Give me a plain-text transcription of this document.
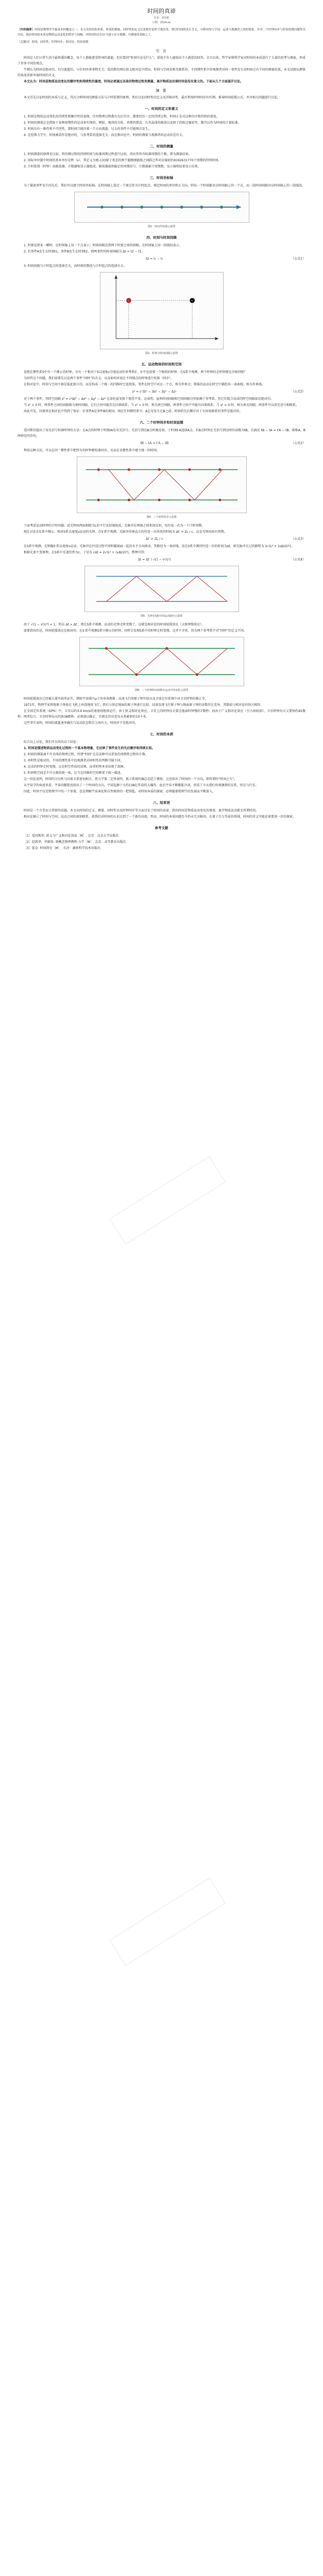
时间的真谛
作者：刘昊阳
日期：2024-xx
［内容摘要］时间是物理学中最基本的概念之一。本文从时间的本质、时间的测量、同时性的定义以及相对论时空观出发，探讨时间的真正含义，分析时间与空间、运动与观测者之间的联系，并对二个时钟同步与时间延缓问题作出讨论，指出时间的本质是物质运动变化的秩序与间隔，对时间的认识应当建立在可观测、可测量的基础之上。
［关键词］时间；同时性；时钟同步；相对论；时间延缓
引 言

时间是人们日常生活中最熟悉的概念，每个人都能感受时间的流逝，但若要问“时间究竟是什么”，却很少有人能给出令人满意的回答。自古以来，哲学家和科学家对时间的本质进行了大量的思考与探索，形成了许多不同的观点。

牛顿认为时间是绝对的、均匀流逝的，与任何外界事物无关；爱因斯坦则在狭义相对论中指出，时间与空间是相互联系的，不同惯性系中的观测者对同一事件发生的时间会有不同的测量结果。本文试图从测量的角度重新审视时间的含义。

本文认为：时间是物质运动变化的顺序性和持续性的量度，时间必须通过具体的物理过程来测量，离开物质运动谈时间是没有意义的。下面从几个方面展开讨论。

摘 要

本文首先讨论时间的本质与定义，其次分析时间的测量方法与计时装置的原理，然后讨论同时性的定义及其相对性，最后利用时钟同步的实例，推导时间延缓公式，并对相关问题进行讨论。

一、时间的定义和意义

1. 时间是物质运动变化的持续性和顺序性的表现。任何物理过程都有先后次序，都要经历一定的持续过程，时间正是对这种次序和持续的量度。

2. 时间的测量总是借助于某种周期性的运动来实现的。例如，地球的自转、单摆的摆动、石英晶体的振荡以及原子的跃迁辐射等，都可以作为时间的计量标准。

3. 时间具有一维性和不可逆性，即时间只能沿着一个方向流逝，过去的事件不可能再次发生。

4. 在经典力学中，时间被看作是绝对的，与参考系的选择无关；而在相对论中，时间的测量与观测者的运动状态有关。

二、时间的测量

1. 时间测量的原理是比较。将待测过程的持续时间与标准周期过程进行比较，得出其所含标准周期的个数，即为测量结果。

2. 国际单位制中时间的基本单位是秒（s），其定义为铯-133原子基态的两个超精细能级之间跃迁所对应辐射的9192631770个周期的持续时间。

3. 计时装置（时钟）由振荡器、计数器和显示器组成。振荡器提供稳定的周期信号，计数器累计周期数，显示器将结果显示出来。

三、时间坐标轴

为了描述事件发生的先后，我们可以建立时间坐标轴。在时间轴上选定一个原点作为计时起点，规定时间的单位和正方向，则每一个时刻都对应时间轴上的一个点，而一段时间间隔对应时间轴上的一段线段。

图1：时间坐标轴示意图
四、时刻与时间间隔

1. 时刻是指某一瞬时，在时间轴上用一个点表示；时间间隔是指两个时刻之间的间隔，在时间轴上用一段线段表示。

2. 若事件A发生在时刻t1，事件B发生在时刻t2，则两事件的时间间隔为 Δt = t2 − t1。

Δt = t₂ − t₁	（公式1）

3. 时间间隔与计时起点的选择无关，而时刻的数值与计时起点的选择有关。

图2：时刻与时间间隔示意图
五、运动物体的时间和空间

设想在惯性系S中有一个静止的时钟，另有一个相对于S以速度v匀速运动的参考系S′，S′中也放置一个相同的时钟。在S系中观测，两个时钟的走时快慢是否相同呢？

为回答这个问题，我们需要先讨论两个事件“同时”的含义，以及如何对放在不同地点的时钟进行校准（同步）。

在相对论中，时间与空间不再是彼此独立的，而是构成一个统一的四维时空连续体。事件在时空中对应一个点，称为世界点；物体的运动在时空中描绘出一条曲线，称为世界线。

s² = c²Δt² − Δx² − Δy² − Δz²	（公式5）

对于两个事件，其时空间隔 s² = c²Δt² − Δx² − Δy² − Δz² 在洛伦兹变换下保持不变。这表明，虽然时间间隔和空间间隔分别依赖于参考系，但它们组合而成的时空间隔却是绝对的。

当 s² > 0 时，两事件之间的间隔称为类时间隔，它们之间可能存在因果联系；当 s² < 0 时，称为类空间隔，两事件之间不可能有因果联系；当 s² = 0 时，称为类光间隔，两事件可以用光信号相联系。

由此可见，因果律在相对论中得到了保证：若事件A是事件B的原因，则在任何惯性系中，A总是发生在B之前。时间的先后顺序对于有因果联系的事件是绝对的。

六、二个时钟同步和时间延缓

爱因斯坦提出了用光信号校准时钟的方法：在A点的时钟于时刻tA发出光信号，光信号到达B点时被反射，于时刻t′A返回A点。若B点时钟在光信号到达时的读数为tB，且满足 tB − tA = t′A − tB，则称A、B两钟是同步的。

tB − tA = t′A − tB	（公式2）

利用这种方法，可以在同一惯性系中把所有的时钟都校准同步，从而在该惯性系中建立统一的时间。

图4：二个时钟同步示意图

下面考虑运动时钟的计时问题。设光钟由两面相距为L的平行反射镜组成，光脉冲在两镜之间来回反射，每往返一次为一个计时周期。

现在讨论在S′系中静止、相对S系以速度v运动的光钟。在S′系中观测，光脉冲沿垂直方向往返一次所用的时间为 Δt′ = 2L / c，这是光钟的固有周期。

Δt′ = 2L / c	（公式3）

在S系中观测，光钟随S′系以速度v运动，光脉冲在往返过程中同时随镜面一起沿水平方向移动，其路径为一条折线。设在S系中测得往返一次的时间为Δt，则光脉冲走过的路程为 2√(L² + (vΔt/2)²)。

根据光速不变原理，在S系中光速仍然为c，于是有 cΔt = 2√(L² + (vΔt/2)²)，整理可得：

Δt = Δt′ / √(1 − v²/c²)	（公式4）
图5：光钟在S系中的运动路径示意图

由于 √(1 − v²/c²) < 1，所以 Δt > Δt′，即在S系中观测，运动的光钟走时变慢了，这就是相对论的时间延缓效应（又称钟慢效应）。

需要指出的是，时间延缓效应是相对的。在S′系中观测S系中静止的时钟，同样会发现S系中的时钟走时变慢。这并不矛盾，因为两个参考系中对“同时”的定义不同。

图6：二个时钟时间读数在运动中的变化示意图

时间延缓效应已经被大量实验所证实，例如宇宙线中μ子的寿命测量、高速飞行的原子钟实验以及全球定位系统中对卫星时钟的修正等。

1971年，物理学家将铯原子钟放在飞机上环绕地球飞行，然后与留在地面的原子钟进行比较，结果发现飞行原子钟与地面原子钟的读数存在差异，其数值与相对论的预言相符。

在全球定位系统（GPS）中，卫星以约3.9 km/s的速度绕地球运行，由于狭义相对论效应，卫星上的时钟每天要比地面时钟慢约7微秒；而由于广义相对论效应（引力场较弱），卫星时钟每天又要快约45微秒。两者综合，卫星时钟每天约快38微秒，必须加以修正，否则定位误差每天将累积约10千米。

这些事实表明，时间的流逝速率确实与运动状态和引力场有关，时间并不是绝对的。

七、时间的本质

综合以上讨论，我们可以得出以下结论：

1. 时间是描述物质运动变化过程的一个基本物理量，它反映了事件发生的先后顺序和持续长短。

2. 时间的测量离不开具体的物理过程，所谓“时间”总是某种可以重复的周期性过程的计数。

3. 同时性是相对的，不同的惯性系中的观测者对同时性的判断可能不同。

4. 运动的时钟走时变慢，这是时空性质的反映，而非时钟本身出现了故障。

5. 时间和空间是不可分割的统一体，应当在四维时空的框架下统一描述。

这一结论说明，时间的方向性与因果关系密切相关。热力学第二定律表明，孤立系统的熵总是趋于增加，这也给出了时间的一个方向，即所谓的“时间之矢”。

从宇宙学的角度来看，宇宙的膨胀也给出了一个时间的方向。宇宙起源于大约138亿年前的大爆炸，此后宇宙不断膨胀冷却，形成了今天我们所观测到的星系、恒星与行星。

因此，时间不仅是物理学中的一个参量，也是理解宇宙演化和自然规律的一把钥匙。对时间本质的探索，必将随着物理学的发展而不断深入。

八、结束语

时间是一个古老而又常新的话题。本文从时间的定义、测量、同时性以及时钟同步等方面讨论了时间的真谛，指出时间是物质运动变化的量度，离开物质运动就无所谓时间。

相对论揭示了时间与空间、运动之间的深刻联系，使我们对时间的认识达到了一个新的高度。然而，时间的本质问题至今仍未完全解决，在量子引力等前沿领域，时间的含义可能还需要进一步的探索。

参考文献

［1］爱因斯坦. 狭义与广义相对论浅说［M］. 北京：北京大学出版社.

［2］赵凯华，罗蔚茵. 新概念物理教程·力学［M］. 北京：高等教育出版社.

［3］霍金. 时间简史［M］. 长沙：湖南科学技术出版社.
